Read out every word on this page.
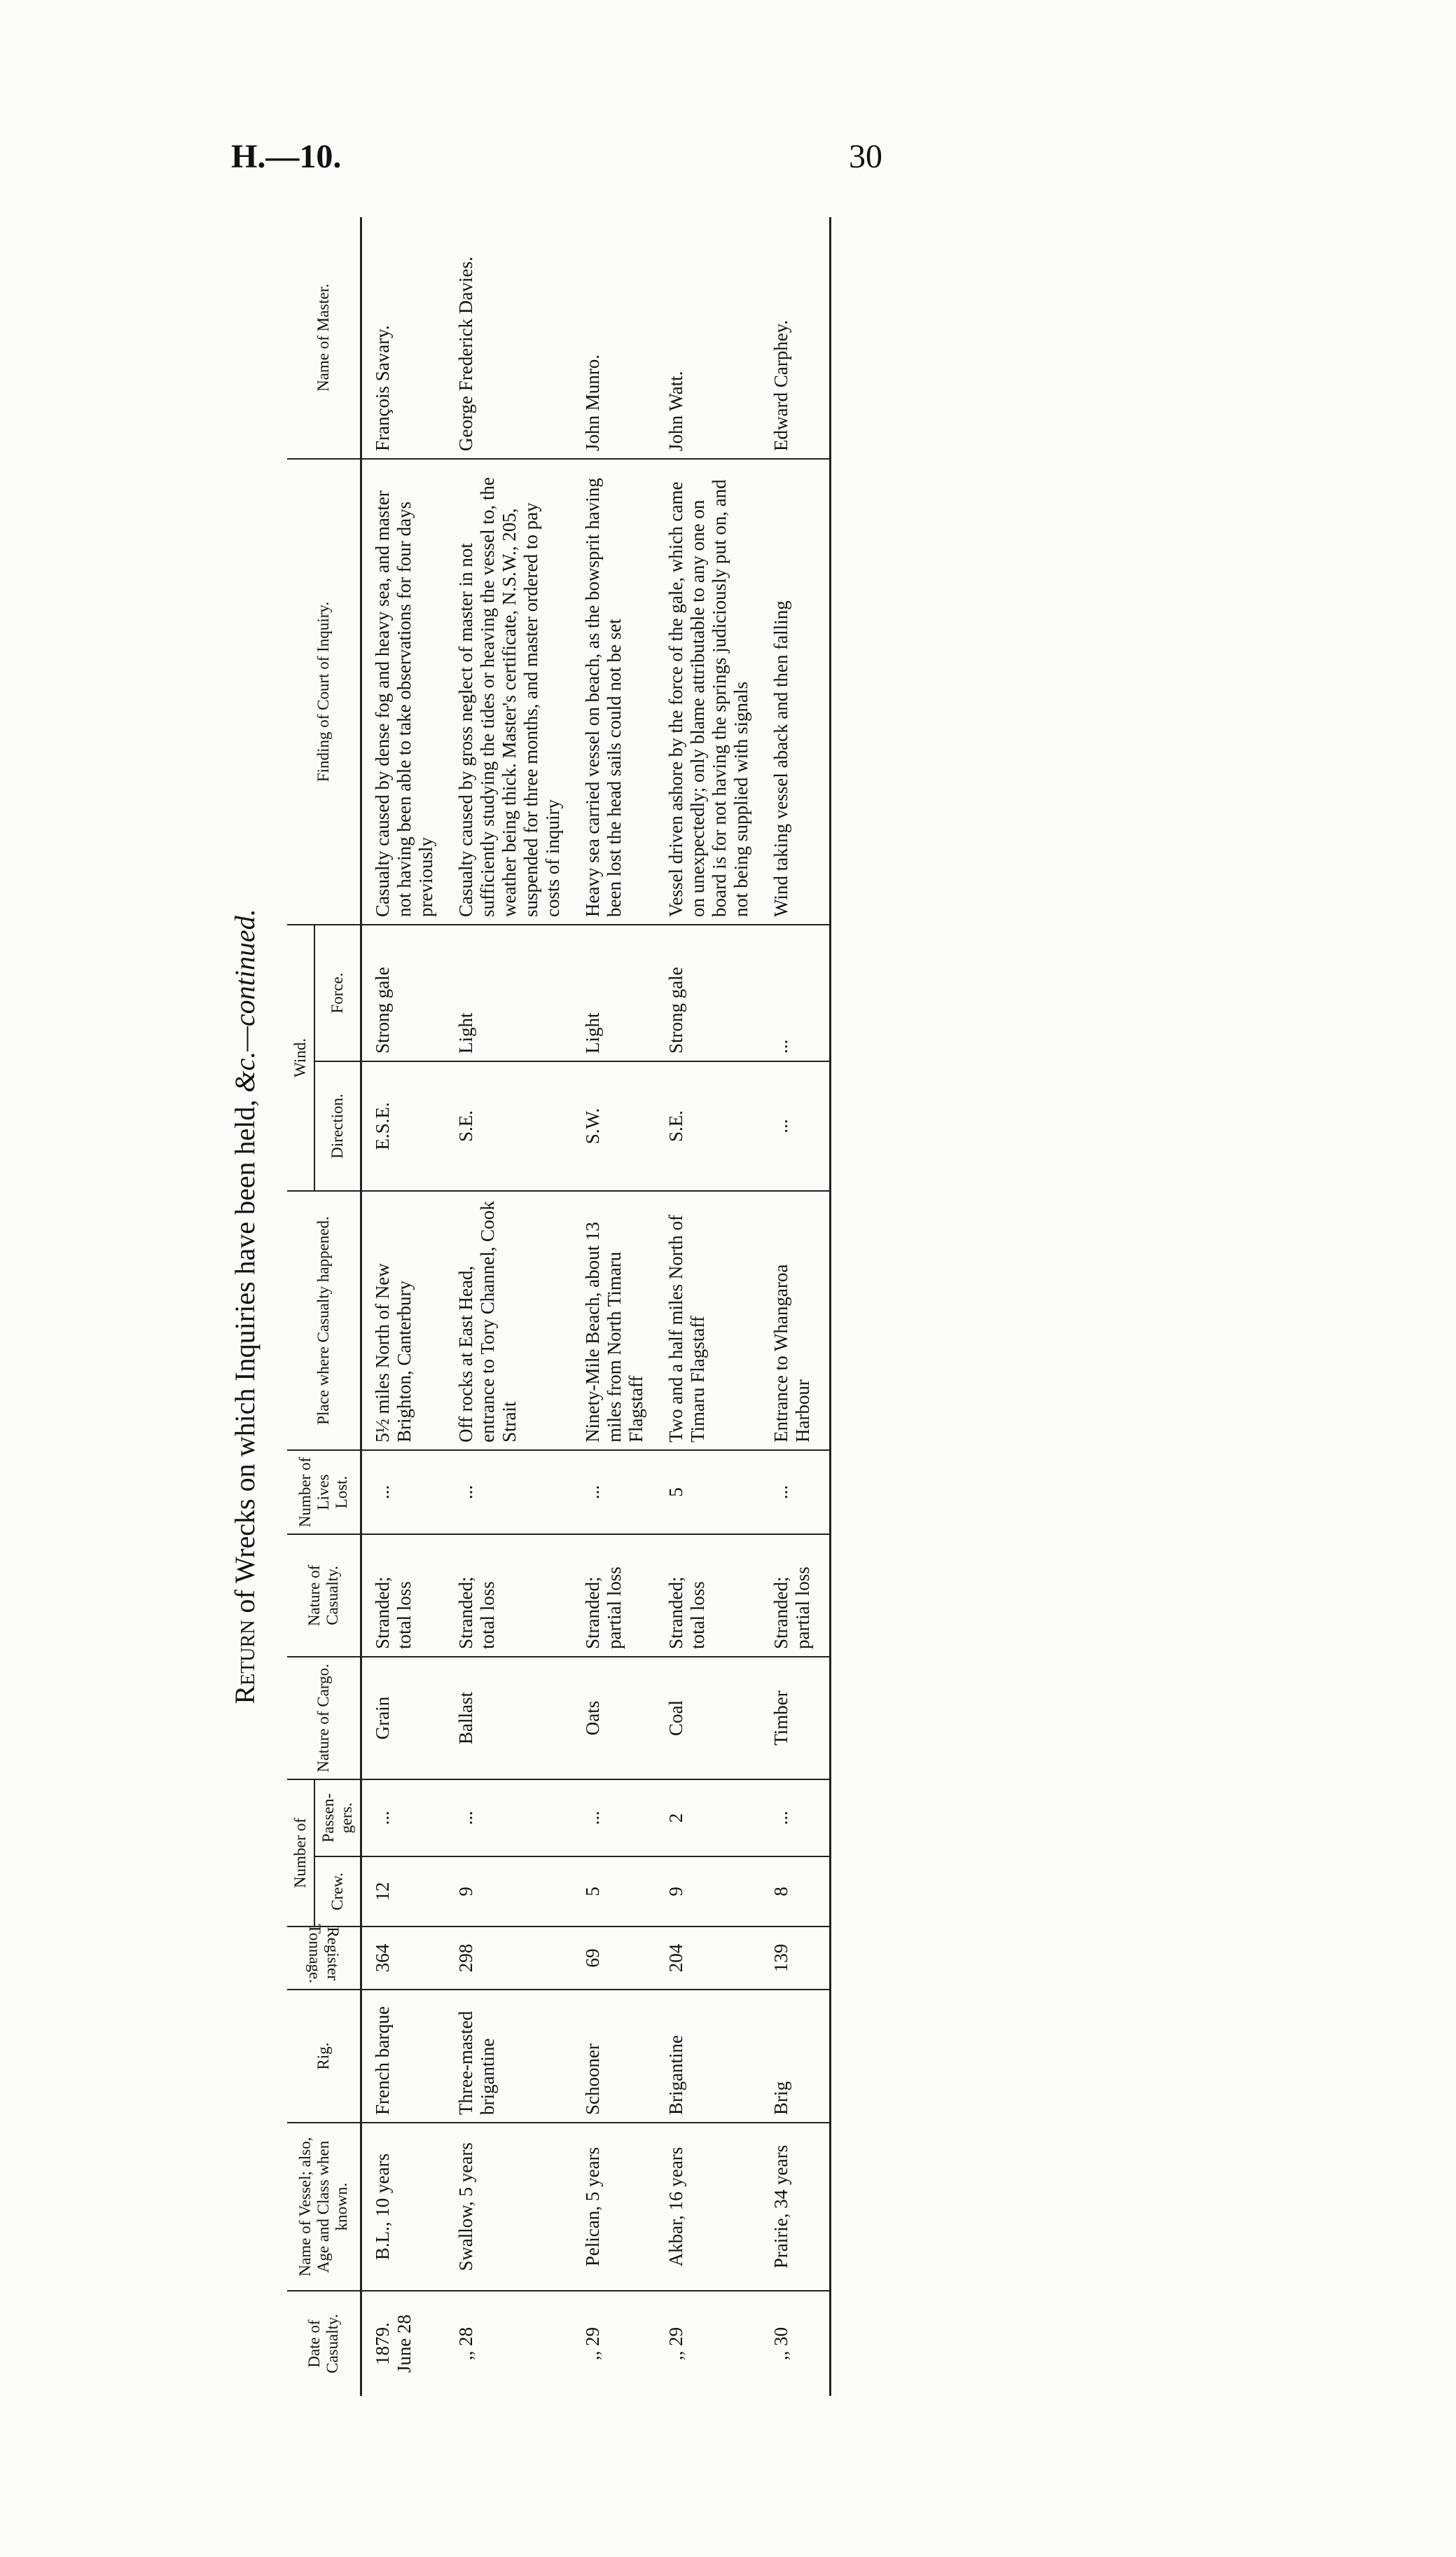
H.—10.	30
Return of Wrecks on which Inquiries have been held, &c.—continued.
Date of Casualty.	Name of Vessel; also, Age and Class when known.	Rig.	Register Tonnage.	Number of		Nature of Cargo.	Nature of Casualty.	Number of Lives Lost.	Place where Casualty happened.	Wind.		Finding of Court of Inquiry.	Name of Master.
				Crew.	Passen-gers.					Direction.	Force.		

1879. June 28	B.L., 10 years	French barque	364	12	...	Grain	Stranded; total loss	...	5½ miles North of New Brighton, Canterbury	E.S.E.	Strong gale	Casualty caused by dense fog and heavy sea, and master not having been able to take observations for four days previously	François Savary.
,, 28	Swallow, 5 years	Three-masted brigantine	298	9	...	Ballast	Stranded; total loss	...	Off rocks at East Head, entrance to Tory Channel, Cook Strait	S.E.	Light	Casualty caused by gross neglect of master in not sufficiently studying the tides or heaving the vessel to, the weather being thick. Master's certificate, N.S.W., 205, suspended for three months, and master ordered to pay costs of inquiry	George Frederick Davies.
,, 29	Pelican, 5 years	Schooner	69	5	...	Oats	Stranded; partial loss	...	Ninety-Mile Beach, about 13 miles from North Timaru Flagstaff	S.W.	Light	Heavy sea carried vessel on beach, as the bowsprit having been lost the head sails could not be set	John Munro.
,, 29	Akbar, 16 years	Brigantine	204	9	2	Coal	Stranded; total loss	5	Two and a half miles North of Timaru Flagstaff	S.E.	Strong gale	Vessel driven ashore by the force of the gale, which came on unexpectedly; only blame attributable to any one on board is for not having the springs judiciously put on, and not being supplied with signals	John Watt.
,, 30	Prairie, 34 years	Brig	139	8	...	Timber	Stranded; partial loss	...	Entrance to Whangaroa Harbour	...	...	Wind taking vessel aback and then falling	Edward Carphey.
